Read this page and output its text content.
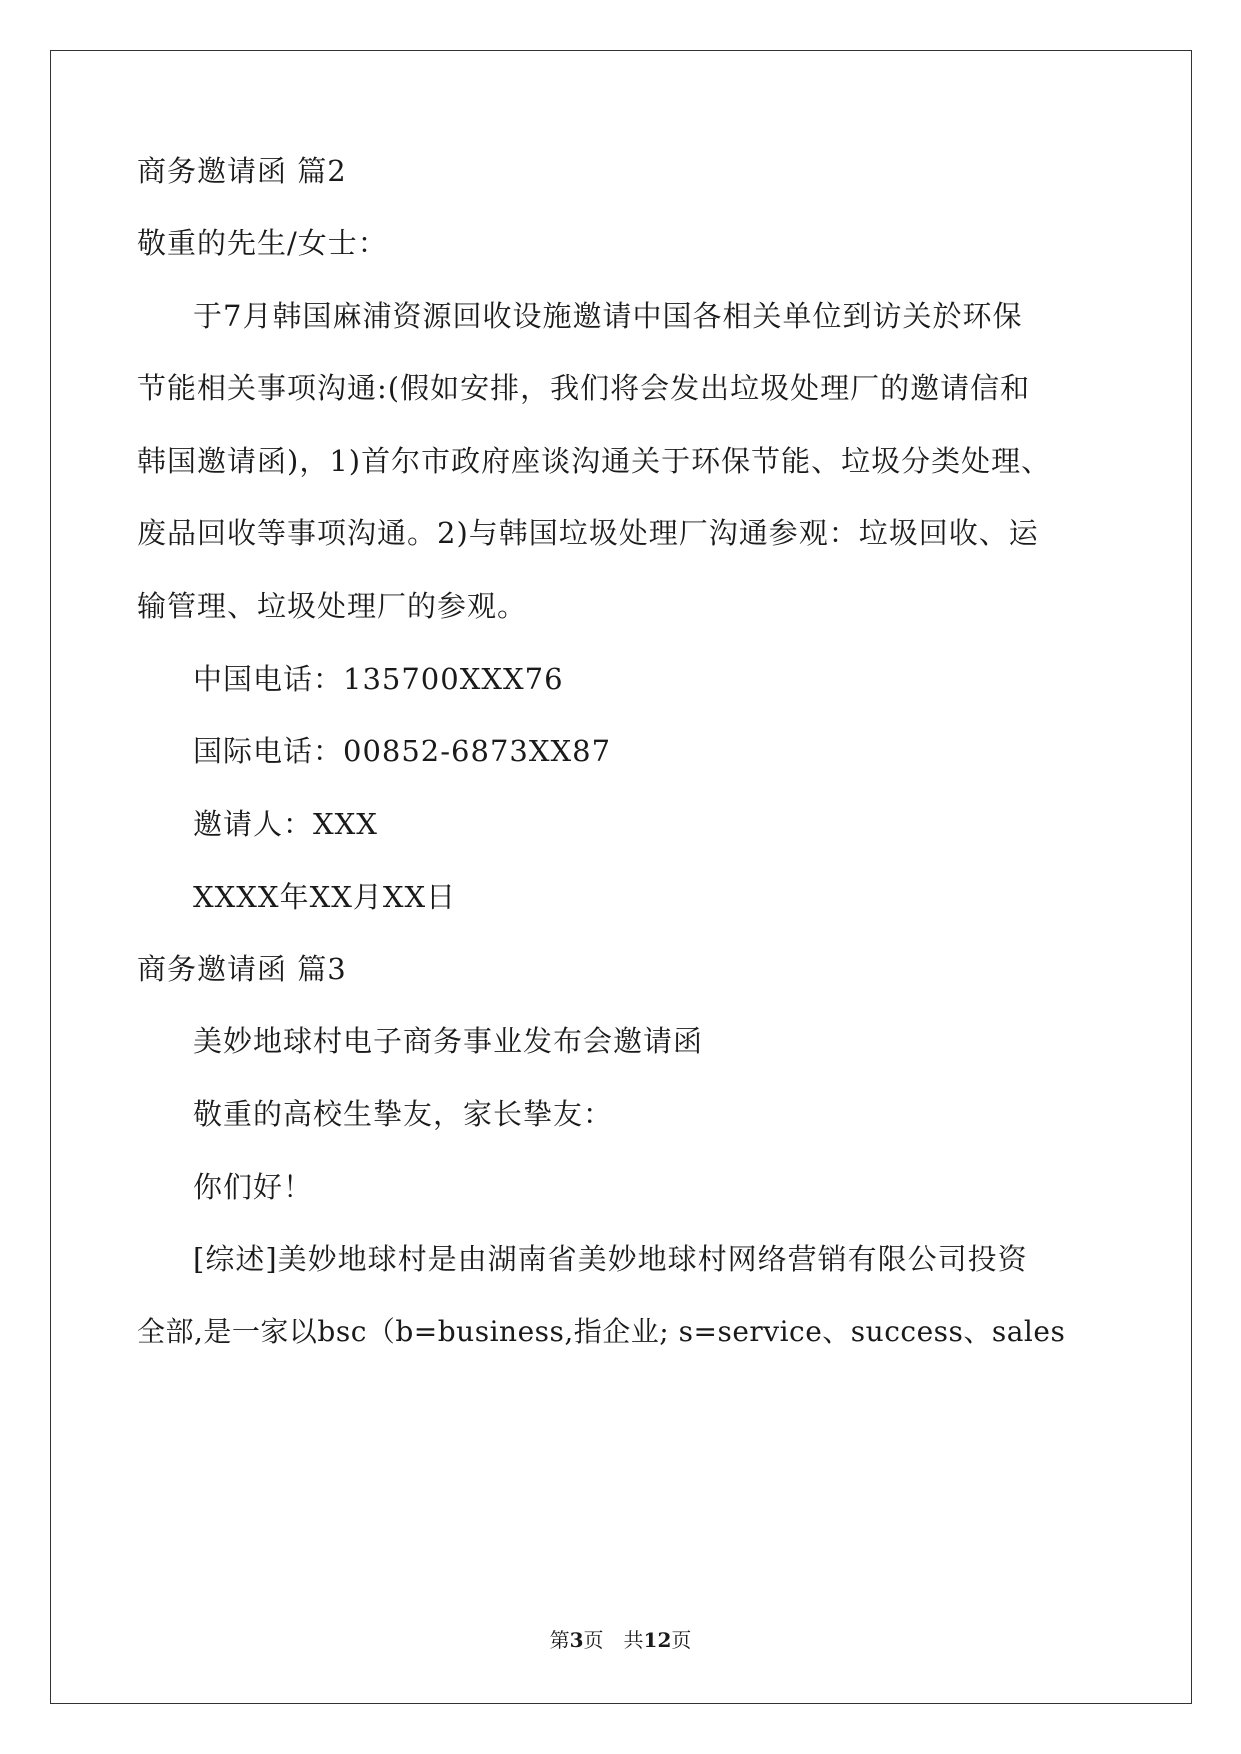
商务邀请函 篇2
敬重的先生/女士：
于7月韩国麻浦资源回收设施邀请中国各相关单位到访关於环保
节能相关事项沟通:(假如安排，我们将会发出垃圾处理厂的邀请信和
韩国邀请函)，1)首尔市政府座谈沟通关于环保节能、垃圾分类处理、
废品回收等事项沟通。2)与韩国垃圾处理厂沟通参观：垃圾回收、运
输管理、垃圾处理厂的参观。
中国电话：135700XXX76
国际电话：00852-6873XX87
邀请人：XXX
XXXX年XX月XX日
商务邀请函 篇3
美妙地球村电子商务事业发布会邀请函
敬重的高校生挚友，家长挚友：
你们好！
[综述]美妙地球村是由湖南省美妙地球村网络营销有限公司投资
全部,是一家以bsc（b=business,指企业; s=service、success、sales
第3页　共12页
